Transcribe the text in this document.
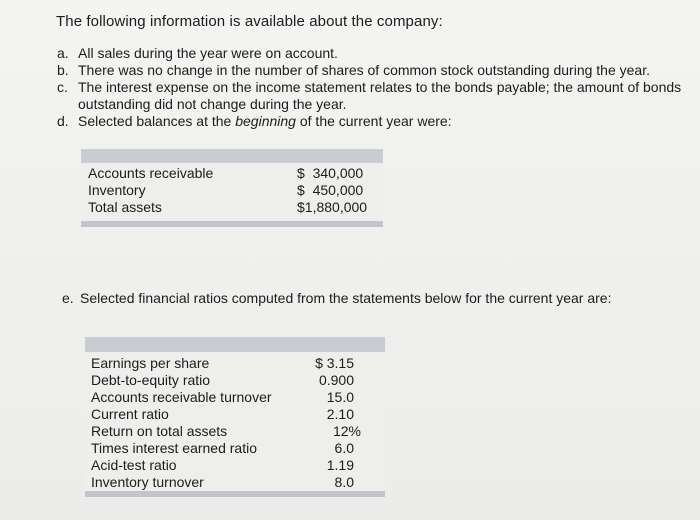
The following information is available about the company:
a. All sales during the year were on account.
b. There was no change in the number of shares of common stock outstanding during the year.
c. The interest expense on the income statement relates to the bonds payable; the amount of bonds outstanding did not change during the year.
d. Selected balances at the beginning of the current year were:
Accounts receivable	$  340,000
Inventory	$  450,000
Total assets	$1,880,000
e. Selected financial ratios computed from the statements below for the current year are:
Earnings per share	$ 3.15
Debt-to-equity ratio	0.900
Accounts receivable turnover	15.0
Current ratio	2.10
Return on total assets	12%
Times interest earned ratio	6.0
Acid-test ratio	1.19
Inventory turnover	8.0
